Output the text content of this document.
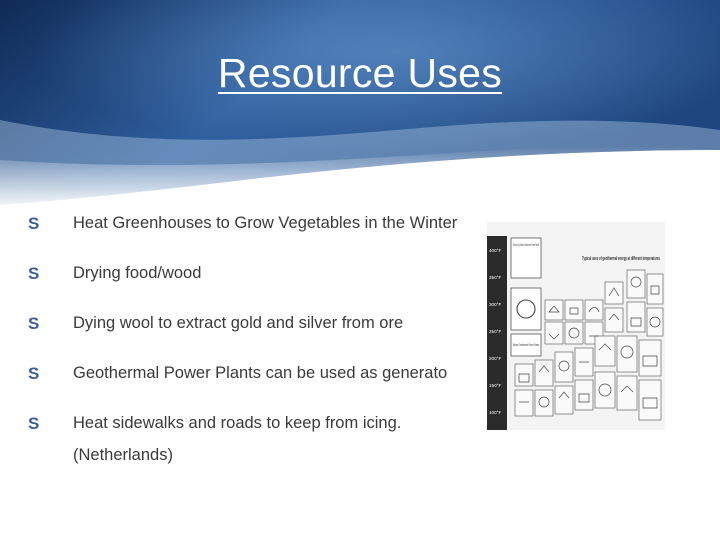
Resource Uses
S Heat Greenhouses to Grow Vegetables in the Winter
S Drying food/wood
S Dying wool to extract gold and silver from ore
S Geothermal Power Plants can be used as generato
S Heat sidewalks and roads to keep from icing.
(Netherlands)
400°F
350°F
300°F
250°F
200°F
150°F
100°F
Typical uses of geothermal energy at different temperatures
Flash & Dry Steam Geothermal Power Plants
Binary Geothermal Power Plants
